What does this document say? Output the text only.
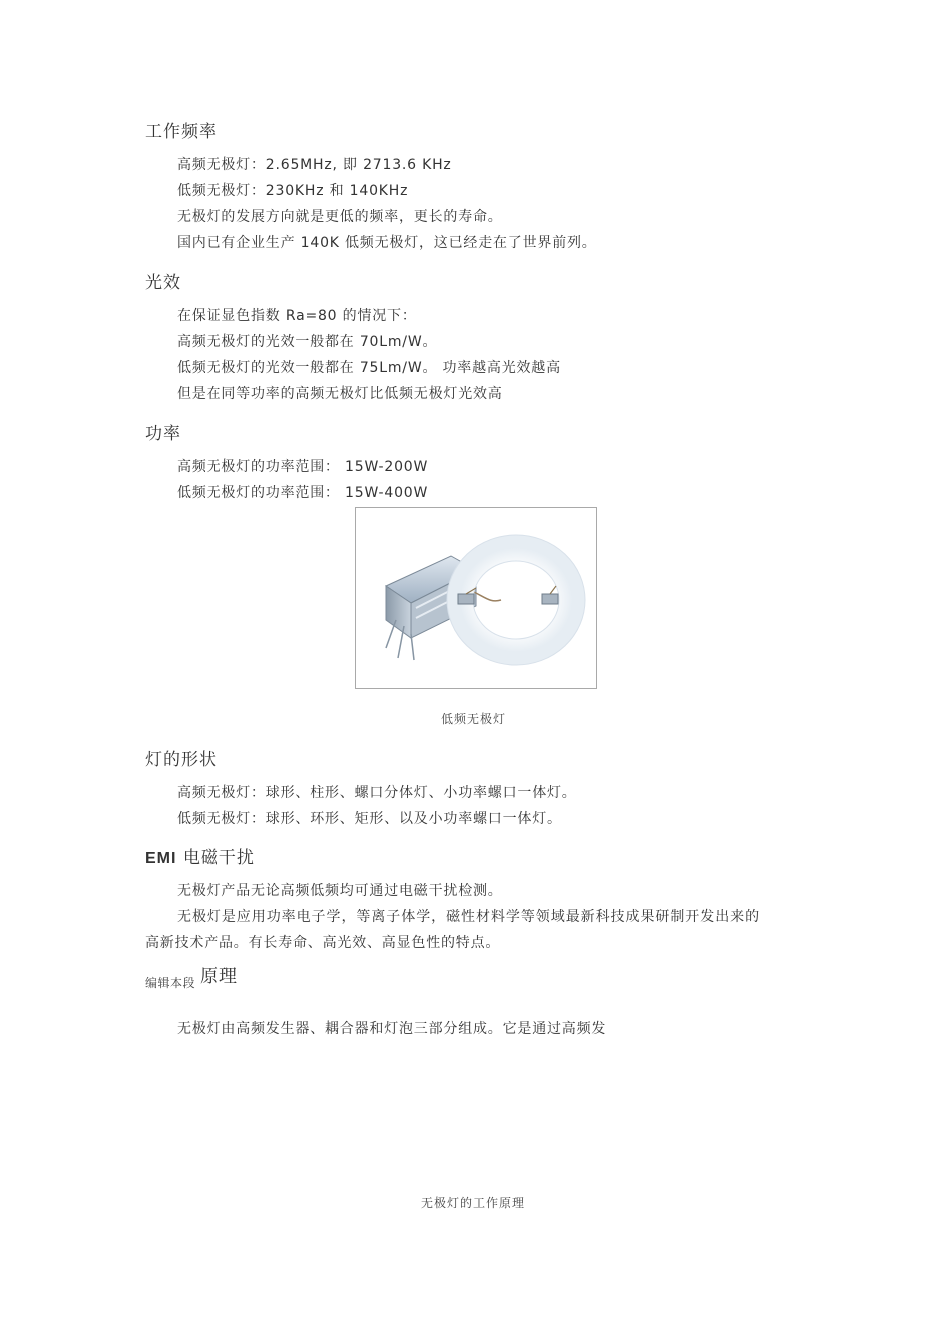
工作频率
高频无极灯：2.65MHz, 即 2713.6 KHz
低频无极灯：230KHz 和 140KHz
无极灯的发展方向就是更低的频率，更长的寿命。
国内已有企业生产 140K 低频无极灯，这已经走在了世界前列。
光效
在保证显色指数 Ra=80 的情况下：
高频无极灯的光效一般都在 70Lm/W。
低频无极灯的光效一般都在 75Lm/W。 功率越高光效越高
但是在同等功率的高频无极灯比低频无极灯光效高
功率
高频无极灯的功率范围： 15W-200W
低频无极灯的功率范围： 15W-400W
低频无极灯
灯的形状
高频无极灯：球形、柱形、螺口分体灯、小功率螺口一体灯。
低频无极灯：球形、环形、矩形、以及小功率螺口一体灯。
EMI 电磁干扰
无极灯产品无论高频低频均可通过电磁干扰检测。
无极灯是应用功率电子学，等离子体学，磁性材料学等领域最新科技成果研制开发出来的
高新技术产品。有长寿命、高光效、高显色性的特点。
编辑本段 原理
无极灯由高频发生器、耦合器和灯泡三部分组成。它是通过高频发
无极灯的工作原理
